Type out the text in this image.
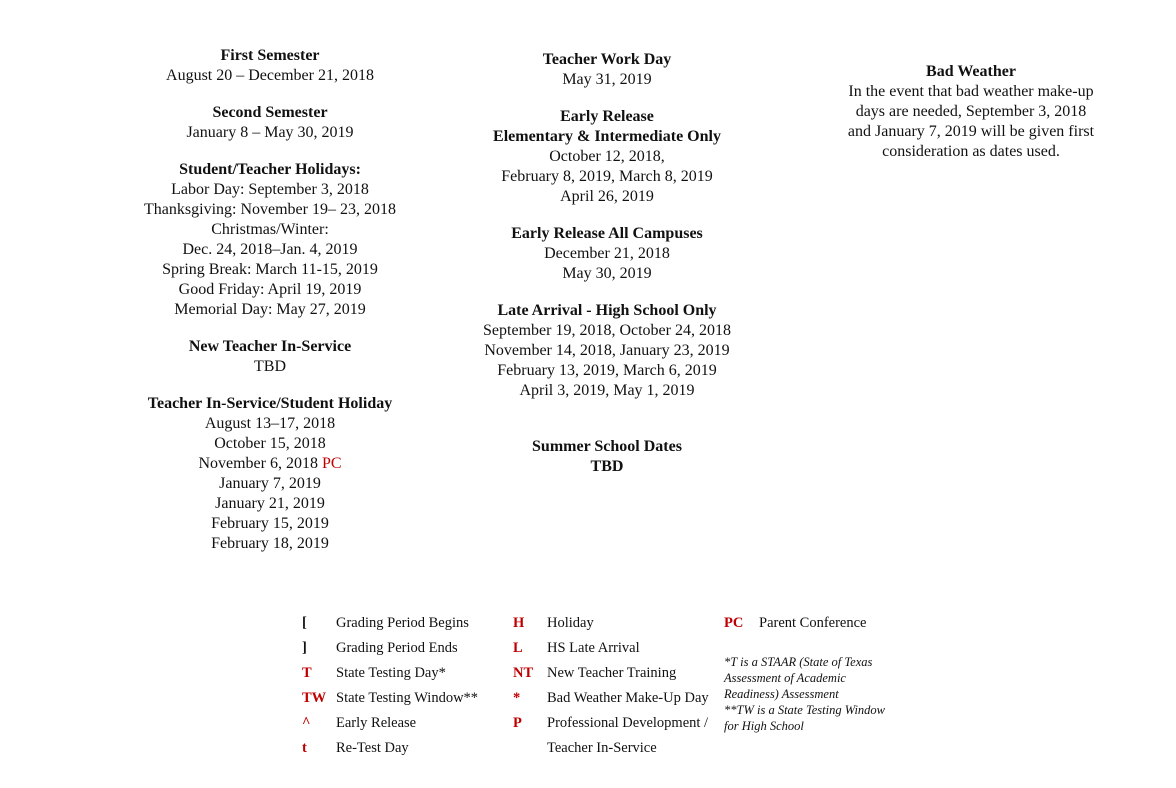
First Semester
August 20 – December 21, 2018
Second Semester
January 8 – May 30, 2019
Student/Teacher Holidays:
Labor Day: September 3, 2018
Thanksgiving: November 19– 23, 2018
Christmas/Winter:
Dec. 24, 2018–Jan. 4, 2019
Spring Break: March 11-15, 2019
Good Friday: April 19, 2019
Memorial Day: May 27, 2019
New Teacher In-Service
TBD
Teacher In-Service/Student Holiday
August 13–17, 2018
October 15, 2018
November 6, 2018 PC
January 7, 2019
January 21, 2019
February 15, 2019
February 18, 2019
Teacher Work Day
May 31, 2019
Early Release
Elementary & Intermediate Only
October 12, 2018,
February 8, 2019, March 8, 2019
April 26, 2019
Early Release All Campuses
December 21, 2018
May 30, 2019
Late Arrival - High School Only
September 19, 2018, October 24, 2018
November 14, 2018, January 23, 2019
February 13, 2019, March 6, 2019
April 3, 2019, May 1, 2019
Summer School Dates
TBD
Bad Weather
In the event that bad weather make-up
days are needed, September 3, 2018
and January 7, 2019 will be given first
consideration as dates used.
[ Grading Period Begins
] Grading Period Ends
T State Testing Day*
TW State Testing Window**
^ Early Release
t Re-Test Day
H Holiday
L HS Late Arrival
NT New Teacher Training
* Bad Weather Make-Up Day
P Professional Development /
Teacher In-Service
PC Parent Conference
*T is a STAAR (State of Texas
Assessment of Academic
Readiness) Assessment
**TW is a State Testing Window
for High School
